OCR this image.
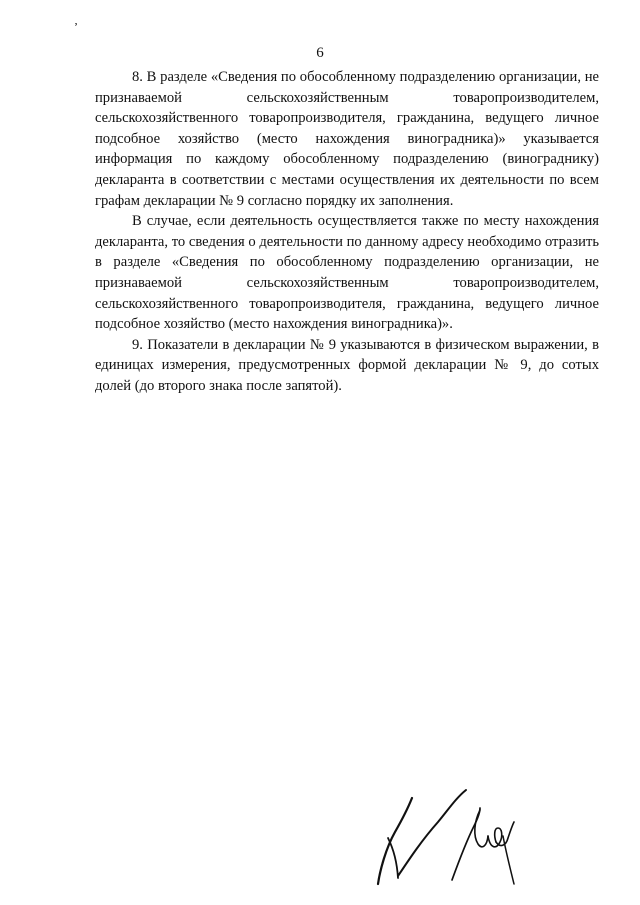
‚
6

8. В разделе «Сведения по обособленному подразделению организации, не признаваемой сельскохозяйственным товаропроизводителем, сельскохозяйственного товаропроизводителя, гражданина, ведущего личное подсобное хозяйство (место нахождения виноградника)» указывается информация по каждому обособленному подразделению (винограднику) декларанта в соответствии с местами осуществления их деятельности по всем графам декларации № 9 согласно порядку их заполнения.

В случае, если деятельность осуществляется также по месту нахождения декларанта, то сведения о деятельности по данному адресу необходимо отразить в разделе «Сведения по обособленному подразделению организации, не признаваемой сельскохозяйственным товаропроизводителем, сельскохозяйственного товаропроизводителя, гражданина, ведущего личное подсобное хозяйство (место нахождения виноградника)».

9. Показатели в декларации № 9 указываются в физическом выражении, в единицах измерения, предусмотренных формой декларации № 9, до сотых долей (до второго знака после запятой).
